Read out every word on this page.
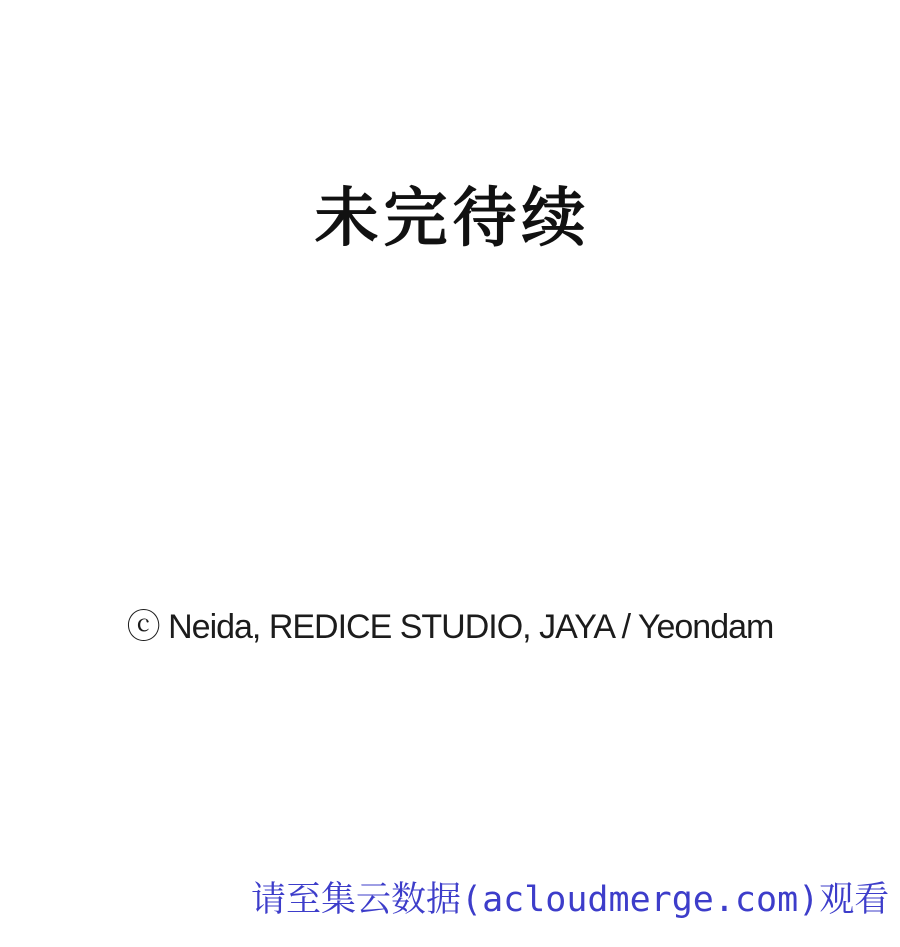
未完待续
ⓒ Neida, REDICE STUDIO, JAYA / Yeondam
请至集云数据(acloudmerge.com)观看
